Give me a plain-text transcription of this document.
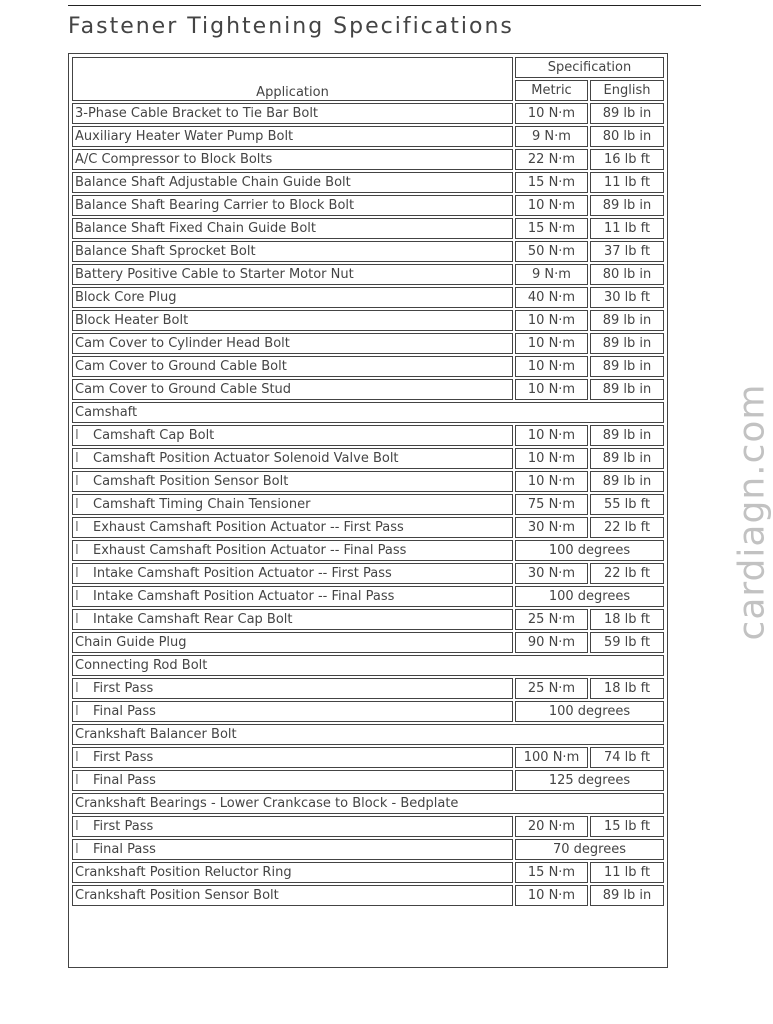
Fastener Tightening Specifications
Application	Specification	
	Metric	English
3-Phase Cable Bracket to Tie Bar Bolt	10 N·m	89 lb in
Auxiliary Heater Water Pump Bolt	9 N·m	80 lb in
A/C Compressor to Block Bolts	22 N·m	16 lb ft
Balance Shaft Adjustable Chain Guide Bolt	15 N·m	11 lb ft
Balance Shaft Bearing Carrier to Block Bolt	10 N·m	89 lb in
Balance Shaft Fixed Chain Guide Bolt	15 N·m	11 lb ft
Balance Shaft Sprocket Bolt	50 N·m	37 lb ft
Battery Positive Cable to Starter Motor Nut	9 N·m	80 lb in
Block Core Plug	40 N·m	30 lb ft
Block Heater Bolt	10 N·m	89 lb in
Cam Cover to Cylinder Head Bolt	10 N·m	89 lb in
Cam Cover to Ground Cable Bolt	10 N·m	89 lb in
Cam Cover to Ground Cable Stud	10 N·m	89 lb in
Camshaft		
I Camshaft Cap Bolt	10 N·m	89 lb in
I Camshaft Position Actuator Solenoid Valve Bolt	10 N·m	89 lb in
I Camshaft Position Sensor Bolt	10 N·m	89 lb in
I Camshaft Timing Chain Tensioner	75 N·m	55 lb ft
I Exhaust Camshaft Position Actuator -- First Pass	30 N·m	22 lb ft
I Exhaust Camshaft Position Actuator -- Final Pass	100 degrees	
I Intake Camshaft Position Actuator -- First Pass	30 N·m	22 lb ft
I Intake Camshaft Position Actuator -- Final Pass	100 degrees	
I Intake Camshaft Rear Cap Bolt	25 N·m	18 lb ft
Chain Guide Plug	90 N·m	59 lb ft
Connecting Rod Bolt		
I First Pass	25 N·m	18 lb ft
I Final Pass	100 degrees	
Crankshaft Balancer Bolt		
I First Pass	100 N·m	74 lb ft
I Final Pass	125 degrees	
Crankshaft Bearings - Lower Crankcase to Block - Bedplate		
I First Pass	20 N·m	15 lb ft
I Final Pass	70 degrees	
Crankshaft Position Reluctor Ring	15 N·m	11 lb ft
Crankshaft Position Sensor Bolt	10 N·m	89 lb in
cardiagn.com
